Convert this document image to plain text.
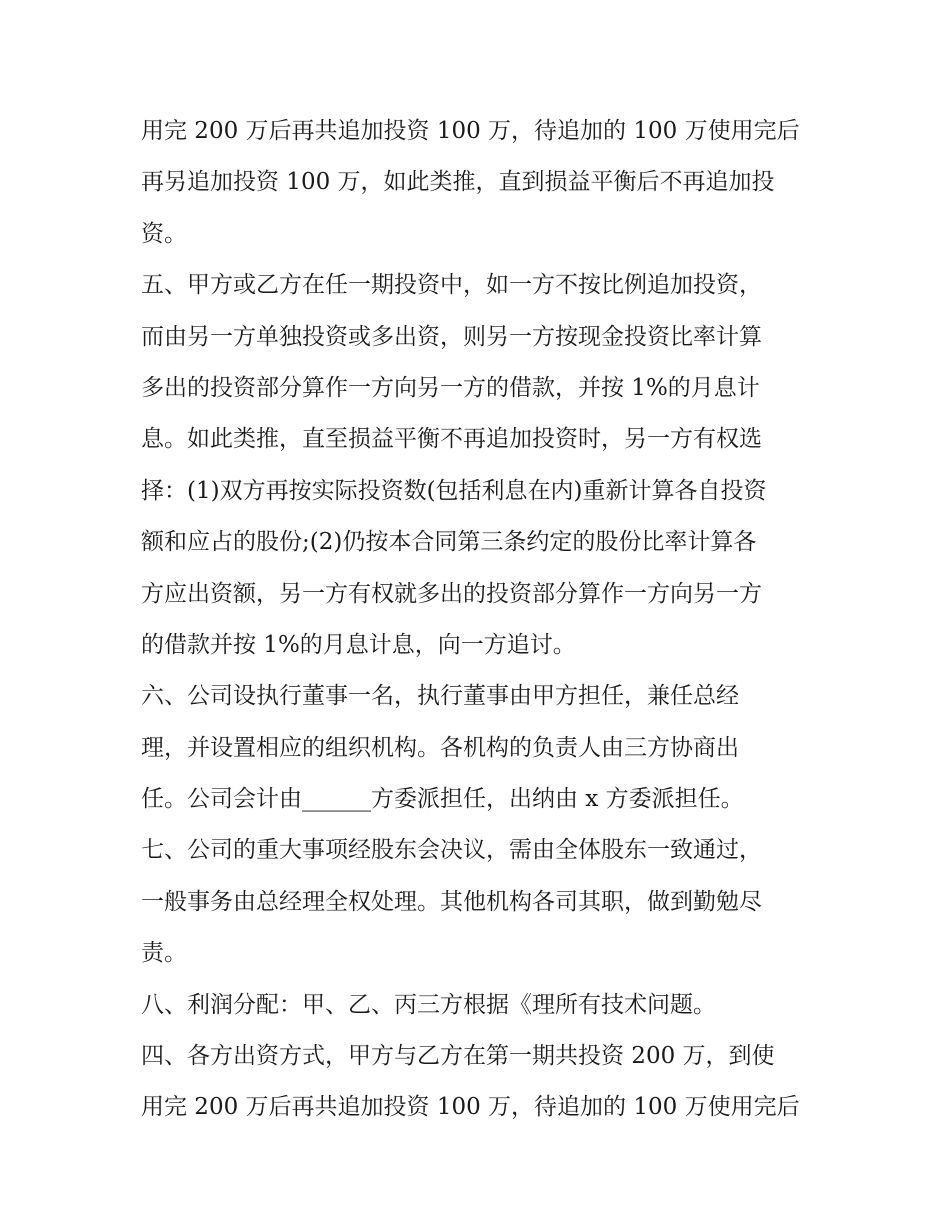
用完 200 万后再共追加投资 100 万，待追加的 100 万使用完后
再另追加投资 100 万，如此类推，直到损益平衡后不再追加投
资。
五、甲方或乙方在任一期投资中，如一方不按比例追加投资，
而由另一方单独投资或多出资，则另一方按现金投资比率计算
多出的投资部分算作一方向另一方的借款，并按 1%的月息计
息。如此类推，直至损益平衡不再追加投资时，另一方有权选
择：(1)双方再按实际投资数(包括利息在内)重新计算各自投资
额和应占的股份;(2)仍按本合同第三条约定的股份比率计算各
方应出资额，另一方有权就多出的投资部分算作一方向另一方
的借款并按 1%的月息计息，向一方追讨。
六、公司设执行董事一名，执行董事由甲方担任，兼任总经
理，并设置相应的组织机构。各机构的负责人由三方协商出
任。公司会计由______方委派担任，出纳由 x 方委派担任。
七、公司的重大事项经股东会决议，需由全体股东一致通过，
一般事务由总经理全权处理。其他机构各司其职，做到勤勉尽
责。
八、利润分配：甲、乙、丙三方根据《理所有技术问题。
四、各方出资方式，甲方与乙方在第一期共投资 200 万，到使
用完 200 万后再共追加投资 100 万，待追加的 100 万使用完后
